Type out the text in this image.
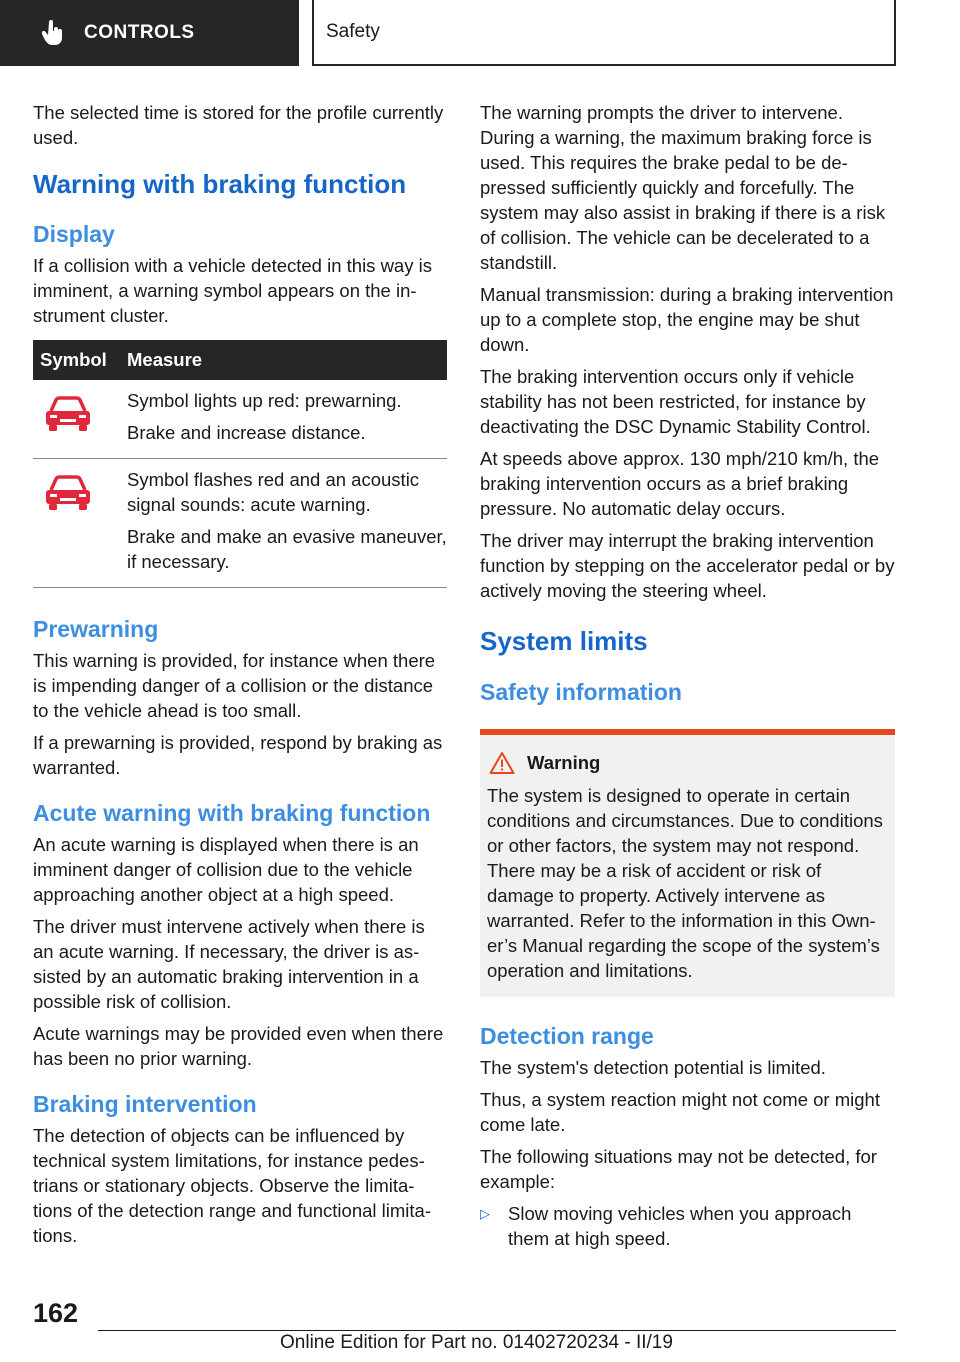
CONTROLS	Safety

The selected time is stored for the profile currently used.

Warning with braking function
Display

If a collision with a vehicle detected in this way is imminent, a warning symbol appears on the instrument cluster.

Symbol	Measure

Symbol lights up red: prewarning.

Brake and increase distance.

Symbol flashes red and an acoustic signal sounds: acute warning.

Brake and make an evasive maneuver, if necessary.

Prewarning

This warning is provided, for instance when there is impending danger of a collision or the distance to the vehicle ahead is too small.

If a prewarning is provided, respond by braking as warranted.

Acute warning with braking function

An acute warning is displayed when there is an imminent danger of collision due to the vehicle approaching another object at a high speed.

The driver must intervene actively when there is an acute warning. If necessary, the driver is assisted by an automatic braking intervention in a possible risk of collision.

Acute warnings may be provided even when there has been no prior warning.

Braking intervention

The detection of objects can be influenced by technical system limitations, for instance pedestrians or stationary objects. Observe the limitations of the detection range and functional limitations.

The warning prompts the driver to intervene. During a warning, the maximum braking force is used. This requires the brake pedal to be depressed sufficiently quickly and forcefully. The system may also assist in braking if there is a risk of collision. The vehicle can be decelerated to a standstill.

Manual transmission: during a braking intervention up to a complete stop, the engine may be shut down.

The braking intervention occurs only if vehicle stability has not been restricted, for instance by deactivating the DSC Dynamic Stability Control.

At speeds above approx. 130 mph/210 km/h, the braking intervention occurs as a brief braking pressure. No automatic delay occurs.

The driver may interrupt the braking intervention function by stepping on the accelerator pedal or by actively moving the steering wheel.

System limits
Safety information
Warning

The system is designed to operate in certain conditions and circumstances. Due to conditions or other factors, the system may not respond. There may be a risk of accident or risk of damage to property. Actively intervene as warranted. Refer to the information in this Owner’s Manual regarding the scope of the system’s operation and limitations.

Detection range

The system's detection potential is limited.

Thus, a system reaction might not come or might come late.

The following situations may not be detected, for example:

▷ Slow moving vehicles when you approach them at high speed.

162
Online Edition for Part no. 01402720234 - II/19
